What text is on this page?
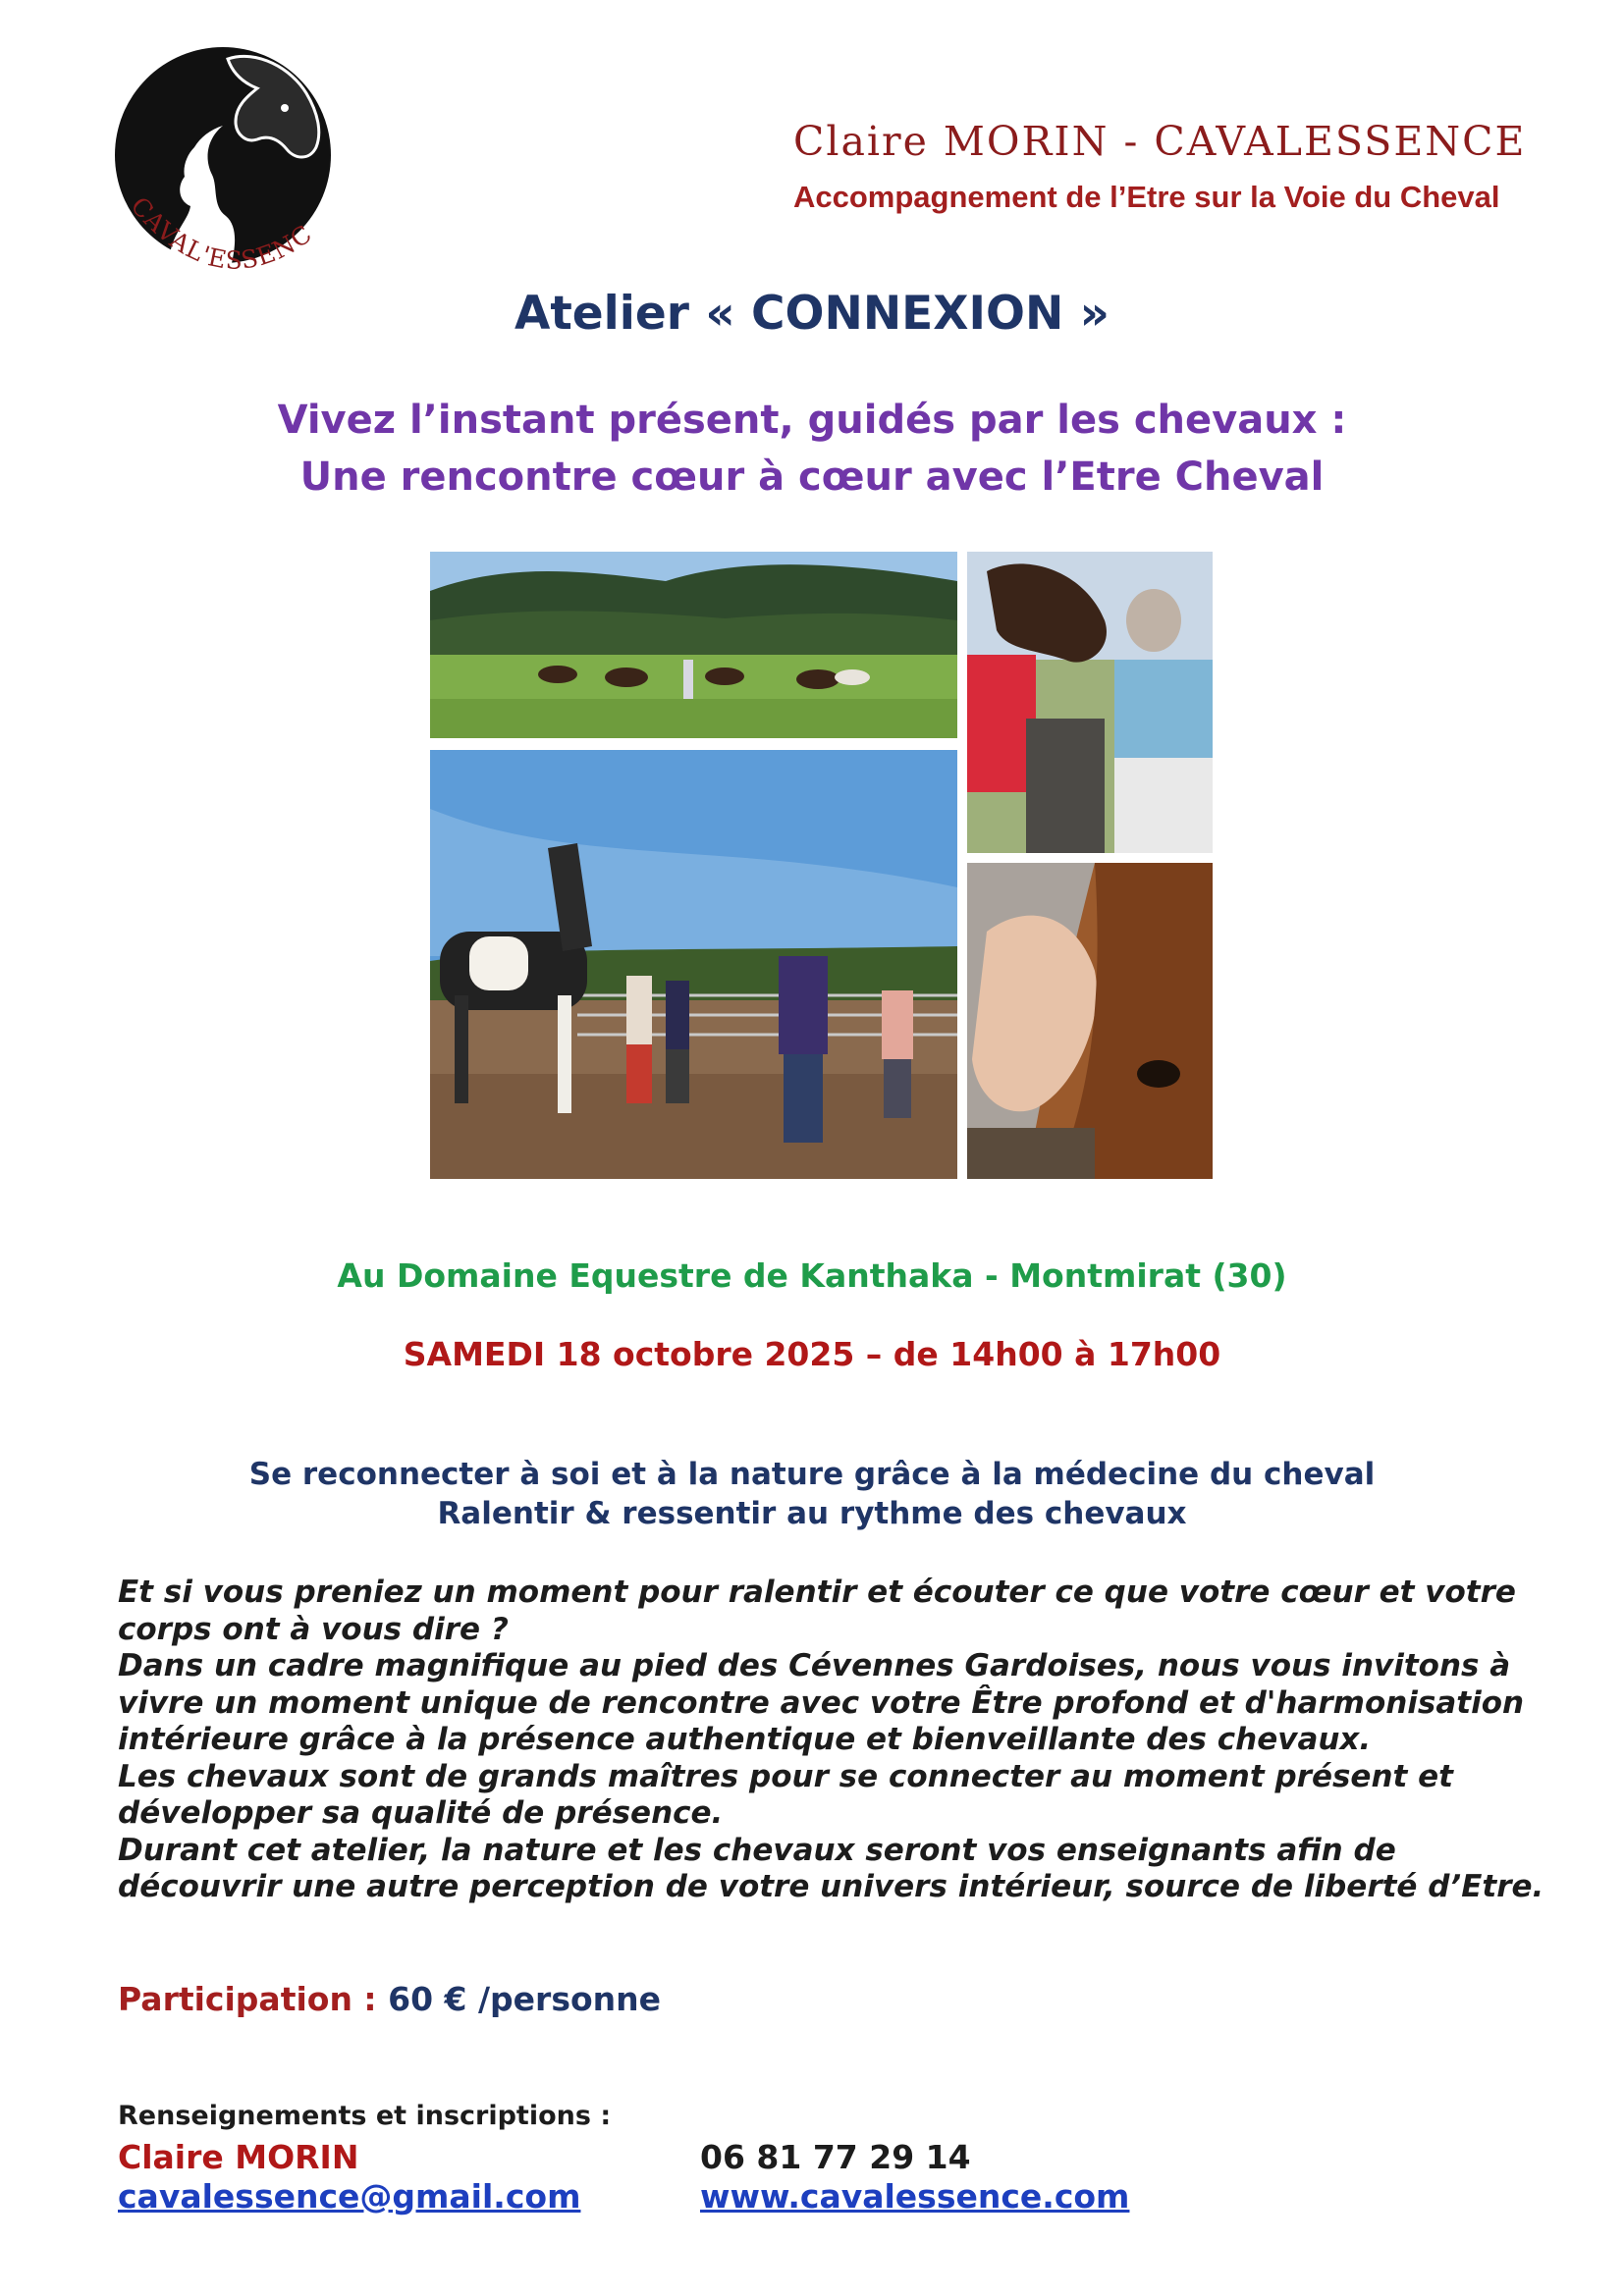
CAVAL'ESSENC
Claire MORIN - CAVALESSENCE
Accompagnement de l’Etre sur la Voie du Cheval
Atelier « CONNEXION »
Vivez l’instant présent, guidés par les chevaux :
Une rencontre cœur à cœur avec l’Etre Cheval
Au Domaine Equestre de Kanthaka - Montmirat (30)
SAMEDI 18 octobre 2025 – de 14h00 à 17h00
Se reconnecter à soi et à la nature grâce à la médecine du cheval
Ralentir & ressentir au rythme des chevaux
Et si vous preniez un moment pour ralentir et écouter ce que votre cœur et votre
corps ont à vous dire ?
Dans un cadre magnifique au pied des Cévennes Gardoises, nous vous invitons à
vivre un moment unique de rencontre avec votre Être profond et d'harmonisation
intérieure grâce à la présence authentique et bienveillante des chevaux.
Les chevaux sont de grands maîtres pour se connecter au moment présent et
développer sa qualité de présence.
Durant cet atelier, la nature et les chevaux seront vos enseignants afin de
découvrir une autre perception de votre univers intérieur, source de liberté d’Etre.
Participation : 60 € /personne
Renseignements et inscriptions :
Claire MORIN	06 81 77 29 14
cavalessence@gmail.com	www.cavalessence.com
